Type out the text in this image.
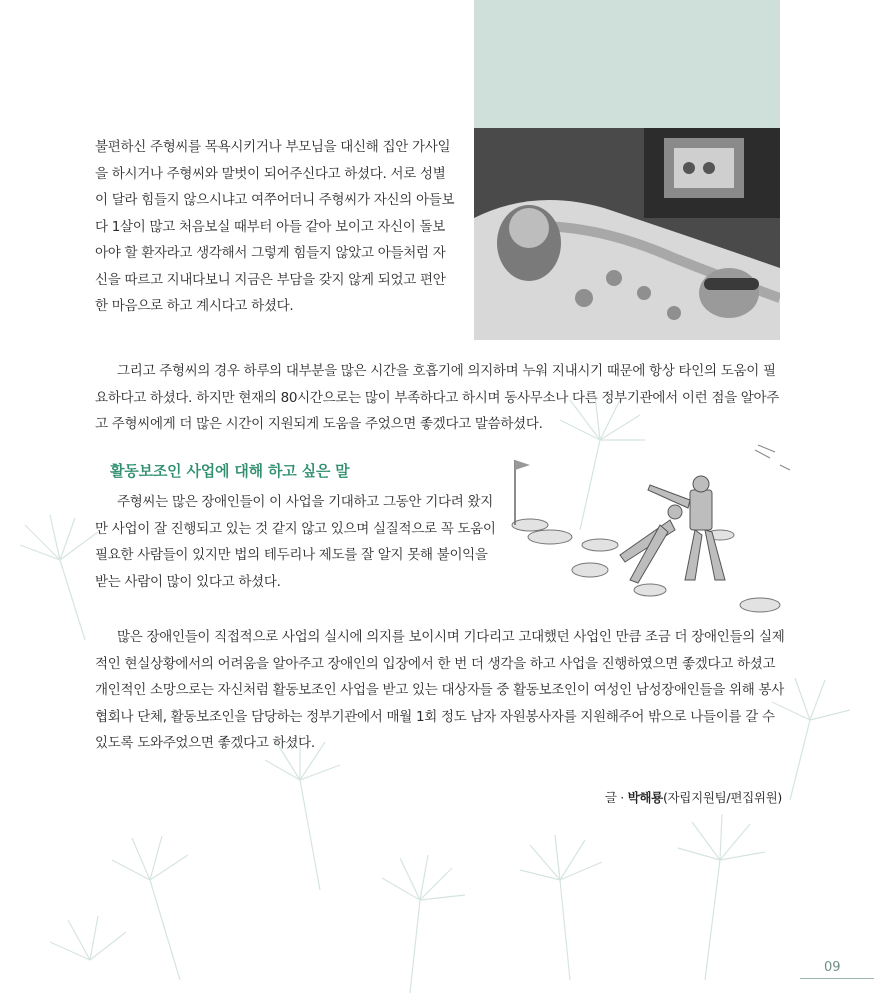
불편하신 주형씨를 목욕시키거나 부모님을 대신해 집안 가사일을 하시거나 주형씨와 말벗이 되어주신다고 하셨다. 서로 성별이 달라 힘들지 않으시냐고 여쭈어더니 주형씨가 자신의 아들보다 1살이 많고 처음보실 때부터 아들 같아 보이고 자신이 돌보아야 할 환자라고 생각해서 그렇게 힘들지 않았고 아들처럼 자신을 따르고 지내다보니 지금은 부담을 갖지 않게 되었고 편안한 마음으로 하고 계시다고 하셨다.

그리고 주형씨의 경우 하루의 대부분을 많은 시간을 호흡기에 의지하며 누워 지내시기 때문에 항상 타인의 도움이 필요하다고 하셨다. 하지만 현재의 80시간으로는 많이 부족하다고 하시며 동사무소나 다른 정부기관에서 이런 점을 알아주고 주형씨에게 더 많은 시간이 지원되게 도움을 주었으면 좋겠다고 말씀하셨다.

활동보조인 사업에 대해 하고 싶은 말

주형씨는 많은 장애인들이 이 사업을 기대하고 그동안 기다려 왔지만 사업이 잘 진행되고 있는 것 같지 않고 있으며 실질적으로 꼭 도움이 필요한 사람들이 있지만 법의 테두리나 제도를 잘 알지 못해 불이익을 받는 사람이 많이 있다고 하셨다.

많은 장애인들이 직접적으로 사업의 실시에 의지를 보이시며 기다리고 고대했던 사업인 만큼 조금 더 장애인들의 실제적인 현실상황에서의 어려움을 알아주고 장애인의 입장에서 한 번 더 생각을 하고 사업을 진행하였으면 좋겠다고 하셨고 개인적인 소망으로는 자신처럼 활동보조인 사업을 받고 있는 대상자들 중 활동보조인이 여성인 남성장애인들을 위해 봉사협회나 단체, 활동보조인을 담당하는 정부기관에서 매월 1회 정도 남자 자원봉사자를 지원해주어 밖으로 나들이를 갈 수 있도록 도와주었으면 좋겠다고 하셨다.

글 · 박해룡(자립지원팀/편집위원)
09
